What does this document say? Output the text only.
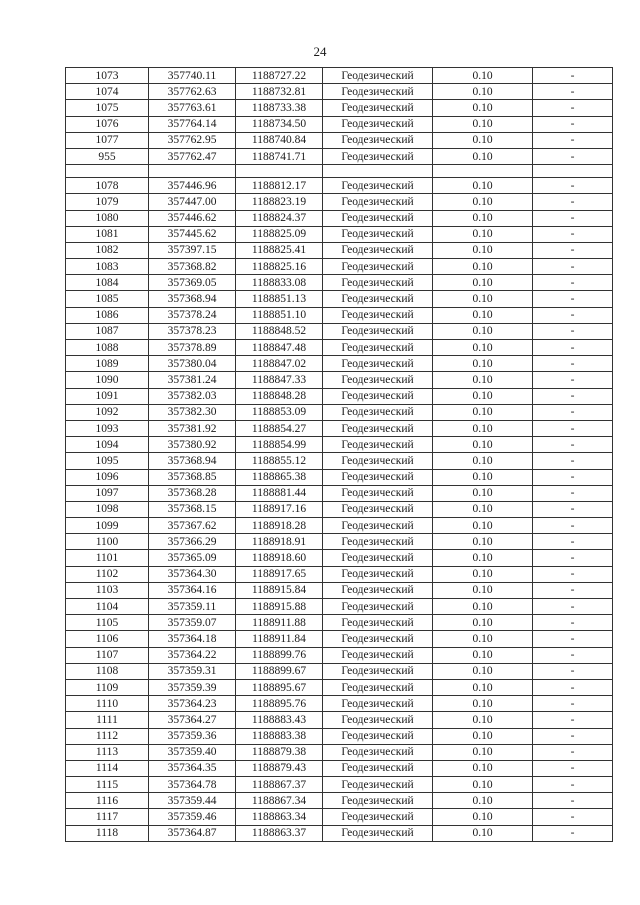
24
1073	357740.11	1188727.22	Геодезический	0.10	-
1074	357762.63	1188732.81	Геодезический	0.10	-
1075	357763.61	1188733.38	Геодезический	0.10	-
1076	357764.14	1188734.50	Геодезический	0.10	-
1077	357762.95	1188740.84	Геодезический	0.10	-
955	357762.47	1188741.71	Геодезический	0.10	-

1078	357446.96	1188812.17	Геодезический	0.10	-
1079	357447.00	1188823.19	Геодезический	0.10	-
1080	357446.62	1188824.37	Геодезический	0.10	-
1081	357445.62	1188825.09	Геодезический	0.10	-
1082	357397.15	1188825.41	Геодезический	0.10	-
1083	357368.82	1188825.16	Геодезический	0.10	-
1084	357369.05	1188833.08	Геодезический	0.10	-
1085	357368.94	1188851.13	Геодезический	0.10	-
1086	357378.24	1188851.10	Геодезический	0.10	-
1087	357378.23	1188848.52	Геодезический	0.10	-
1088	357378.89	1188847.48	Геодезический	0.10	-
1089	357380.04	1188847.02	Геодезический	0.10	-
1090	357381.24	1188847.33	Геодезический	0.10	-
1091	357382.03	1188848.28	Геодезический	0.10	-
1092	357382.30	1188853.09	Геодезический	0.10	-
1093	357381.92	1188854.27	Геодезический	0.10	-
1094	357380.92	1188854.99	Геодезический	0.10	-
1095	357368.94	1188855.12	Геодезический	0.10	-
1096	357368.85	1188865.38	Геодезический	0.10	-
1097	357368.28	1188881.44	Геодезический	0.10	-
1098	357368.15	1188917.16	Геодезический	0.10	-
1099	357367.62	1188918.28	Геодезический	0.10	-
1100	357366.29	1188918.91	Геодезический	0.10	-
1101	357365.09	1188918.60	Геодезический	0.10	-
1102	357364.30	1188917.65	Геодезический	0.10	-
1103	357364.16	1188915.84	Геодезический	0.10	-
1104	357359.11	1188915.88	Геодезический	0.10	-
1105	357359.07	1188911.88	Геодезический	0.10	-
1106	357364.18	1188911.84	Геодезический	0.10	-
1107	357364.22	1188899.76	Геодезический	0.10	-
1108	357359.31	1188899.67	Геодезический	0.10	-
1109	357359.39	1188895.67	Геодезический	0.10	-
1110	357364.23	1188895.76	Геодезический	0.10	-
1111	357364.27	1188883.43	Геодезический	0.10	-
1112	357359.36	1188883.38	Геодезический	0.10	-
1113	357359.40	1188879.38	Геодезический	0.10	-
1114	357364.35	1188879.43	Геодезический	0.10	-
1115	357364.78	1188867.37	Геодезический	0.10	-
1116	357359.44	1188867.34	Геодезический	0.10	-
1117	357359.46	1188863.34	Геодезический	0.10	-
1118	357364.87	1188863.37	Геодезический	0.10	-
